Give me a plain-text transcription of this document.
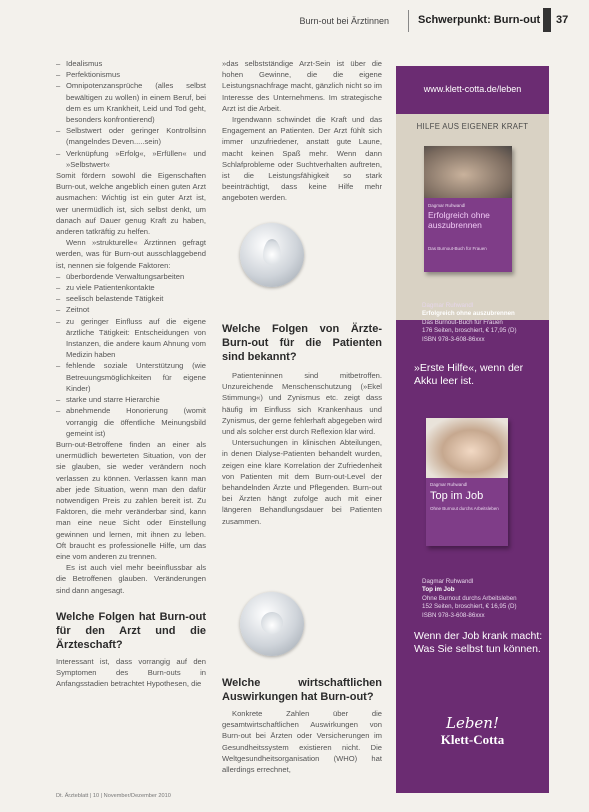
Burn-out bei Ärztinnen	Schwerpunkt: Burn-out 37
– Idealismus
– Perfektionismus
– Omnipotenzansprüche (alles selbst bewältigen zu wollen) in einem Beruf, bei dem es um Krankheit, Leid und Tod geht, besonders konfrontierend)
– Selbstwert oder geringer Kontrollsinn (mangelndes Deven.....sein)
– Verknüpfung »Erfolg«, »Erfüllen« und »Selbstwert«

Somit fördern sowohl die Eigenschaften Burn-out, welche angeblich einen guten Arzt ausmachen: Wichtig ist ein guter Arzt ist, wer unermüdlich ist, sich selbst denkt, um danach auf Dauer genug Kraft zu haben, anderen tatkräftig zu helfen.

Wenn »strukturelle« Ärztinnen gefragt werden, was für Burn-out ausschlaggebend ist, nennen sie folgende Faktoren:

– überbordende Verwaltungsarbeiten
– zu viele Patientenkontakte
– seelisch belastende Tätigkeit
– Zeitnot
– zu geringer Einfluss auf die eigene ärztliche Tätigkeit: Entscheidungen von Instanzen, die andere kaum Ahnung vom Medizin haben
– fehlende soziale Unterstützung (wie Betreuungsmöglichkeiten für eigene Kinder)
– starke und starre Hierarchie
– abnehmende Honorierung (womit vorrangig die öffentliche Meinungsbild gemeint ist)

Burn-out-Betroffene finden an einer als unermüdlich bewerteten Situation, von der sie glauben, sie weder verändern noch verlassen zu können. Verlassen kann man aber jede Situation, wenn man den dafür notwendigen Preis zu zahlen bereit ist. Zu Faktoren, die mehr veränderbar sind, kann man eine neue Sicht oder Einstellung gewinnen und lernen, mit ihnen zu leben. Oft braucht es professionelle Hilfe, um das eine vom anderen zu trennen.

Es ist auch viel mehr beeinflussbar als die Betroffenen glauben. Veränderungen sind dann angesagt.

Welche Folgen hat Burn-out für den Arzt und die Ärzteschaft?

Interessant ist, dass vorrangig auf den Symptomen des Burn-outs in Anfangsstadien betrachtet Hypothesen, die

»das selbstständige Arzt-Sein ist über die hohen Gewinne, die die eigene Leistungsnachfrage macht, gänzlich nicht so im Interesse des Unternehmens. Im strategische Arzt ist die Arbeit.

Irgendwann schwindet die Kraft und das Engagement an Patienten. Der Arzt fühlt sich immer unzufriedener, anstatt gute Laune, macht keinen Spaß mehr. Wenn dann Schlafprobleme oder Suchtverhalten auftreten, ist die Leistungsfähigkeit so stark beeinträchtigt, dass keine Hilfe mehr angeboten werden.

Welche Folgen von Ärzte-Burn-out für die Patienten sind bekannt?

Patienteninnen sind mitbetroffen. Unzureichende Menschenschutzung (»Ekel Stimmung«) und Zynismus etc. zeigt dass häufig im Einfluss sich Krankenhaus und Zynismus, der gerne fehlerhaft abgegeben wird und als solcher erst durch Reflexion klar wird.

Untersuchungen in klinischen Abteilungen, in denen Dialyse-Patienten behandelt wurden, zeigen eine klare Korrelation der Zufriedenheit von Patienten mit dem Burn-out-Level der behandelnden Ärzte und Pflegenden. Burn-out bei Ärzten hängt zufolge auch mit einer längeren Behandlungsdauer bei Patienten zusammen.

Welche wirtschaftlichen Auswirkungen hat Burn-out?

Konkrete Zahlen über die gesamtwirtschaftlichen Auswirkungen von Burn-out bei Ärzten oder Versicherungen im Gesundheitssystem existieren nicht. Die Weltgesundheitsorganisation (WHO) hat allerdings errechnet,

www.klett-cotta.de/leben
HILFE AUS EIGENER KRAFT
Dagmar Ruhwandl
Erfolgreich ohne auszubrennen
Das Burnout-Buch für Frauen
Dagmar Ruhwandl
Erfolgreich ohne auszubrennen
Das Burnout-Buch für Frauen
176 Seiten, broschiert, € 17,95 (D)
ISBN 978-3-608-86xxx
»Erste Hilfe«, wenn der Akku leer ist.
Dagmar Ruhwandl
Top im Job
Ohne Burnout durchs Arbeitsleben
Dagmar Ruhwandl
Top im Job
Ohne Burnout durchs Arbeitsleben
152 Seiten, broschiert, € 16,95 (D)
ISBN 978-3-608-86xxx
Wenn der Job krank macht: Was Sie selbst tun können.
Leben!
Klett-Cotta
Dt. Ärzteblatt | 10 | November/Dezember 2010
